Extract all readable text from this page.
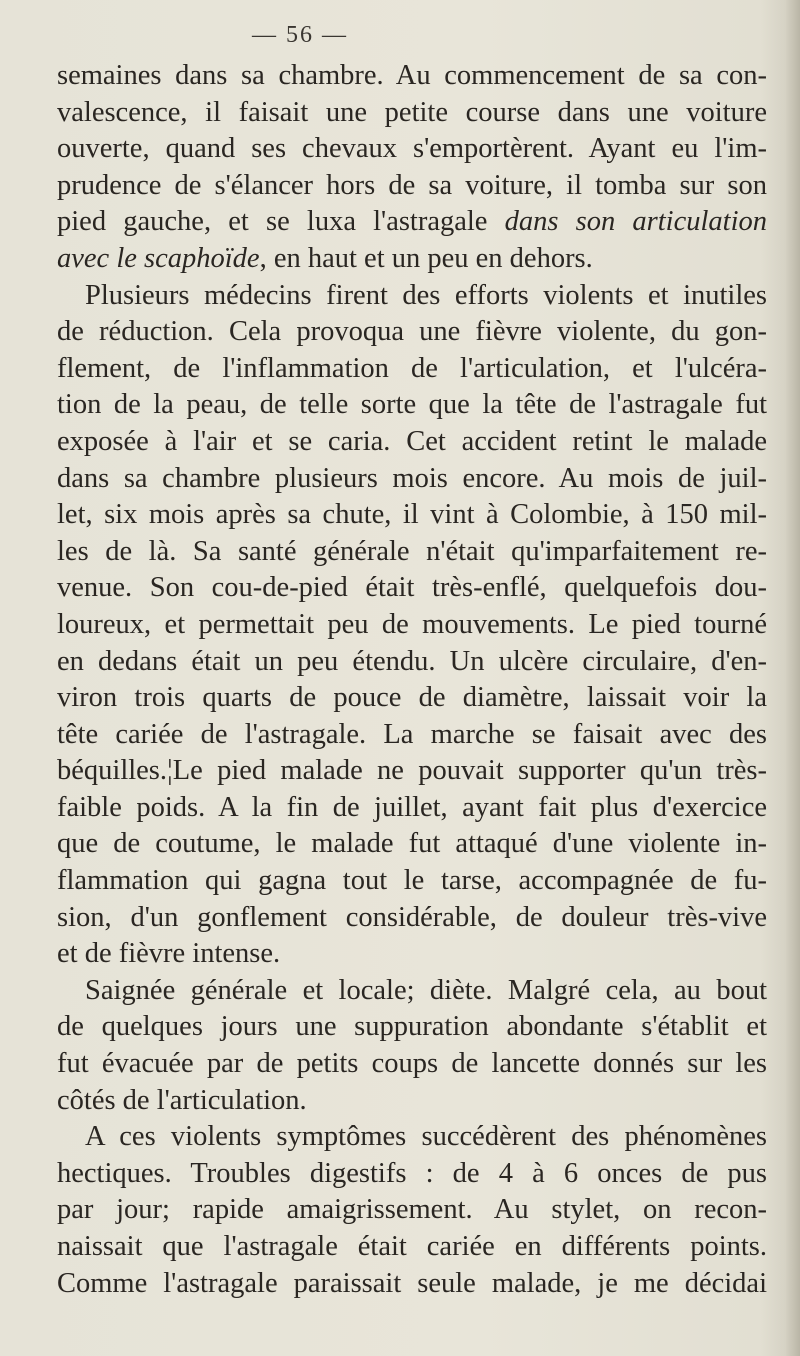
— 56 —
semaines dans sa chambre. Au commencement de sa con-
valescence, il faisait une petite course dans une voiture
ouverte, quand ses chevaux s'emportèrent. Ayant eu l'im-
prudence de s'élancer hors de sa voiture, il tomba sur son
pied gauche, et se luxa l'astragale dans son articulation
avec le scaphoïde, en haut et un peu en dehors.
Plusieurs médecins firent des efforts violents et inutiles
de réduction. Cela provoqua une fièvre violente, du gon-
flement, de l'inflammation de l'articulation, et l'ulcéra-
tion de la peau, de telle sorte que la tête de l'astragale fut
exposée à l'air et se caria. Cet accident retint le malade
dans sa chambre plusieurs mois encore. Au mois de juil-
let, six mois après sa chute, il vint à Colombie, à 150 mil-
les de là. Sa santé générale n'était qu'imparfaitement re-
venue. Son cou-de-pied était très-enflé, quelquefois dou-
loureux, et permettait peu de mouvements. Le pied tourné
en dedans était un peu étendu. Un ulcère circulaire, d'en-
viron trois quarts de pouce de diamètre, laissait voir la
tête cariée de l'astragale. La marche se faisait avec des
béquilles.¦Le pied malade ne pouvait supporter qu'un très-
faible poids. A la fin de juillet, ayant fait plus d'exercice
que de coutume, le malade fut attaqué d'une violente in-
flammation qui gagna tout le tarse, accompagnée de fu-
sion, d'un gonflement considérable, de douleur très-vive
et de fièvre intense.
Saignée générale et locale; diète. Malgré cela, au bout
de quelques jours une suppuration abondante s'établit et
fut évacuée par de petits coups de lancette donnés sur les
côtés de l'articulation.
A ces violents symptômes succédèrent des phénomènes
hectiques. Troubles digestifs : de 4 à 6 onces de pus
par jour; rapide amaigrissement. Au stylet, on recon-
naissait que l'astragale était cariée en différents points.
Comme l'astragale paraissait seule malade, je me décidai
